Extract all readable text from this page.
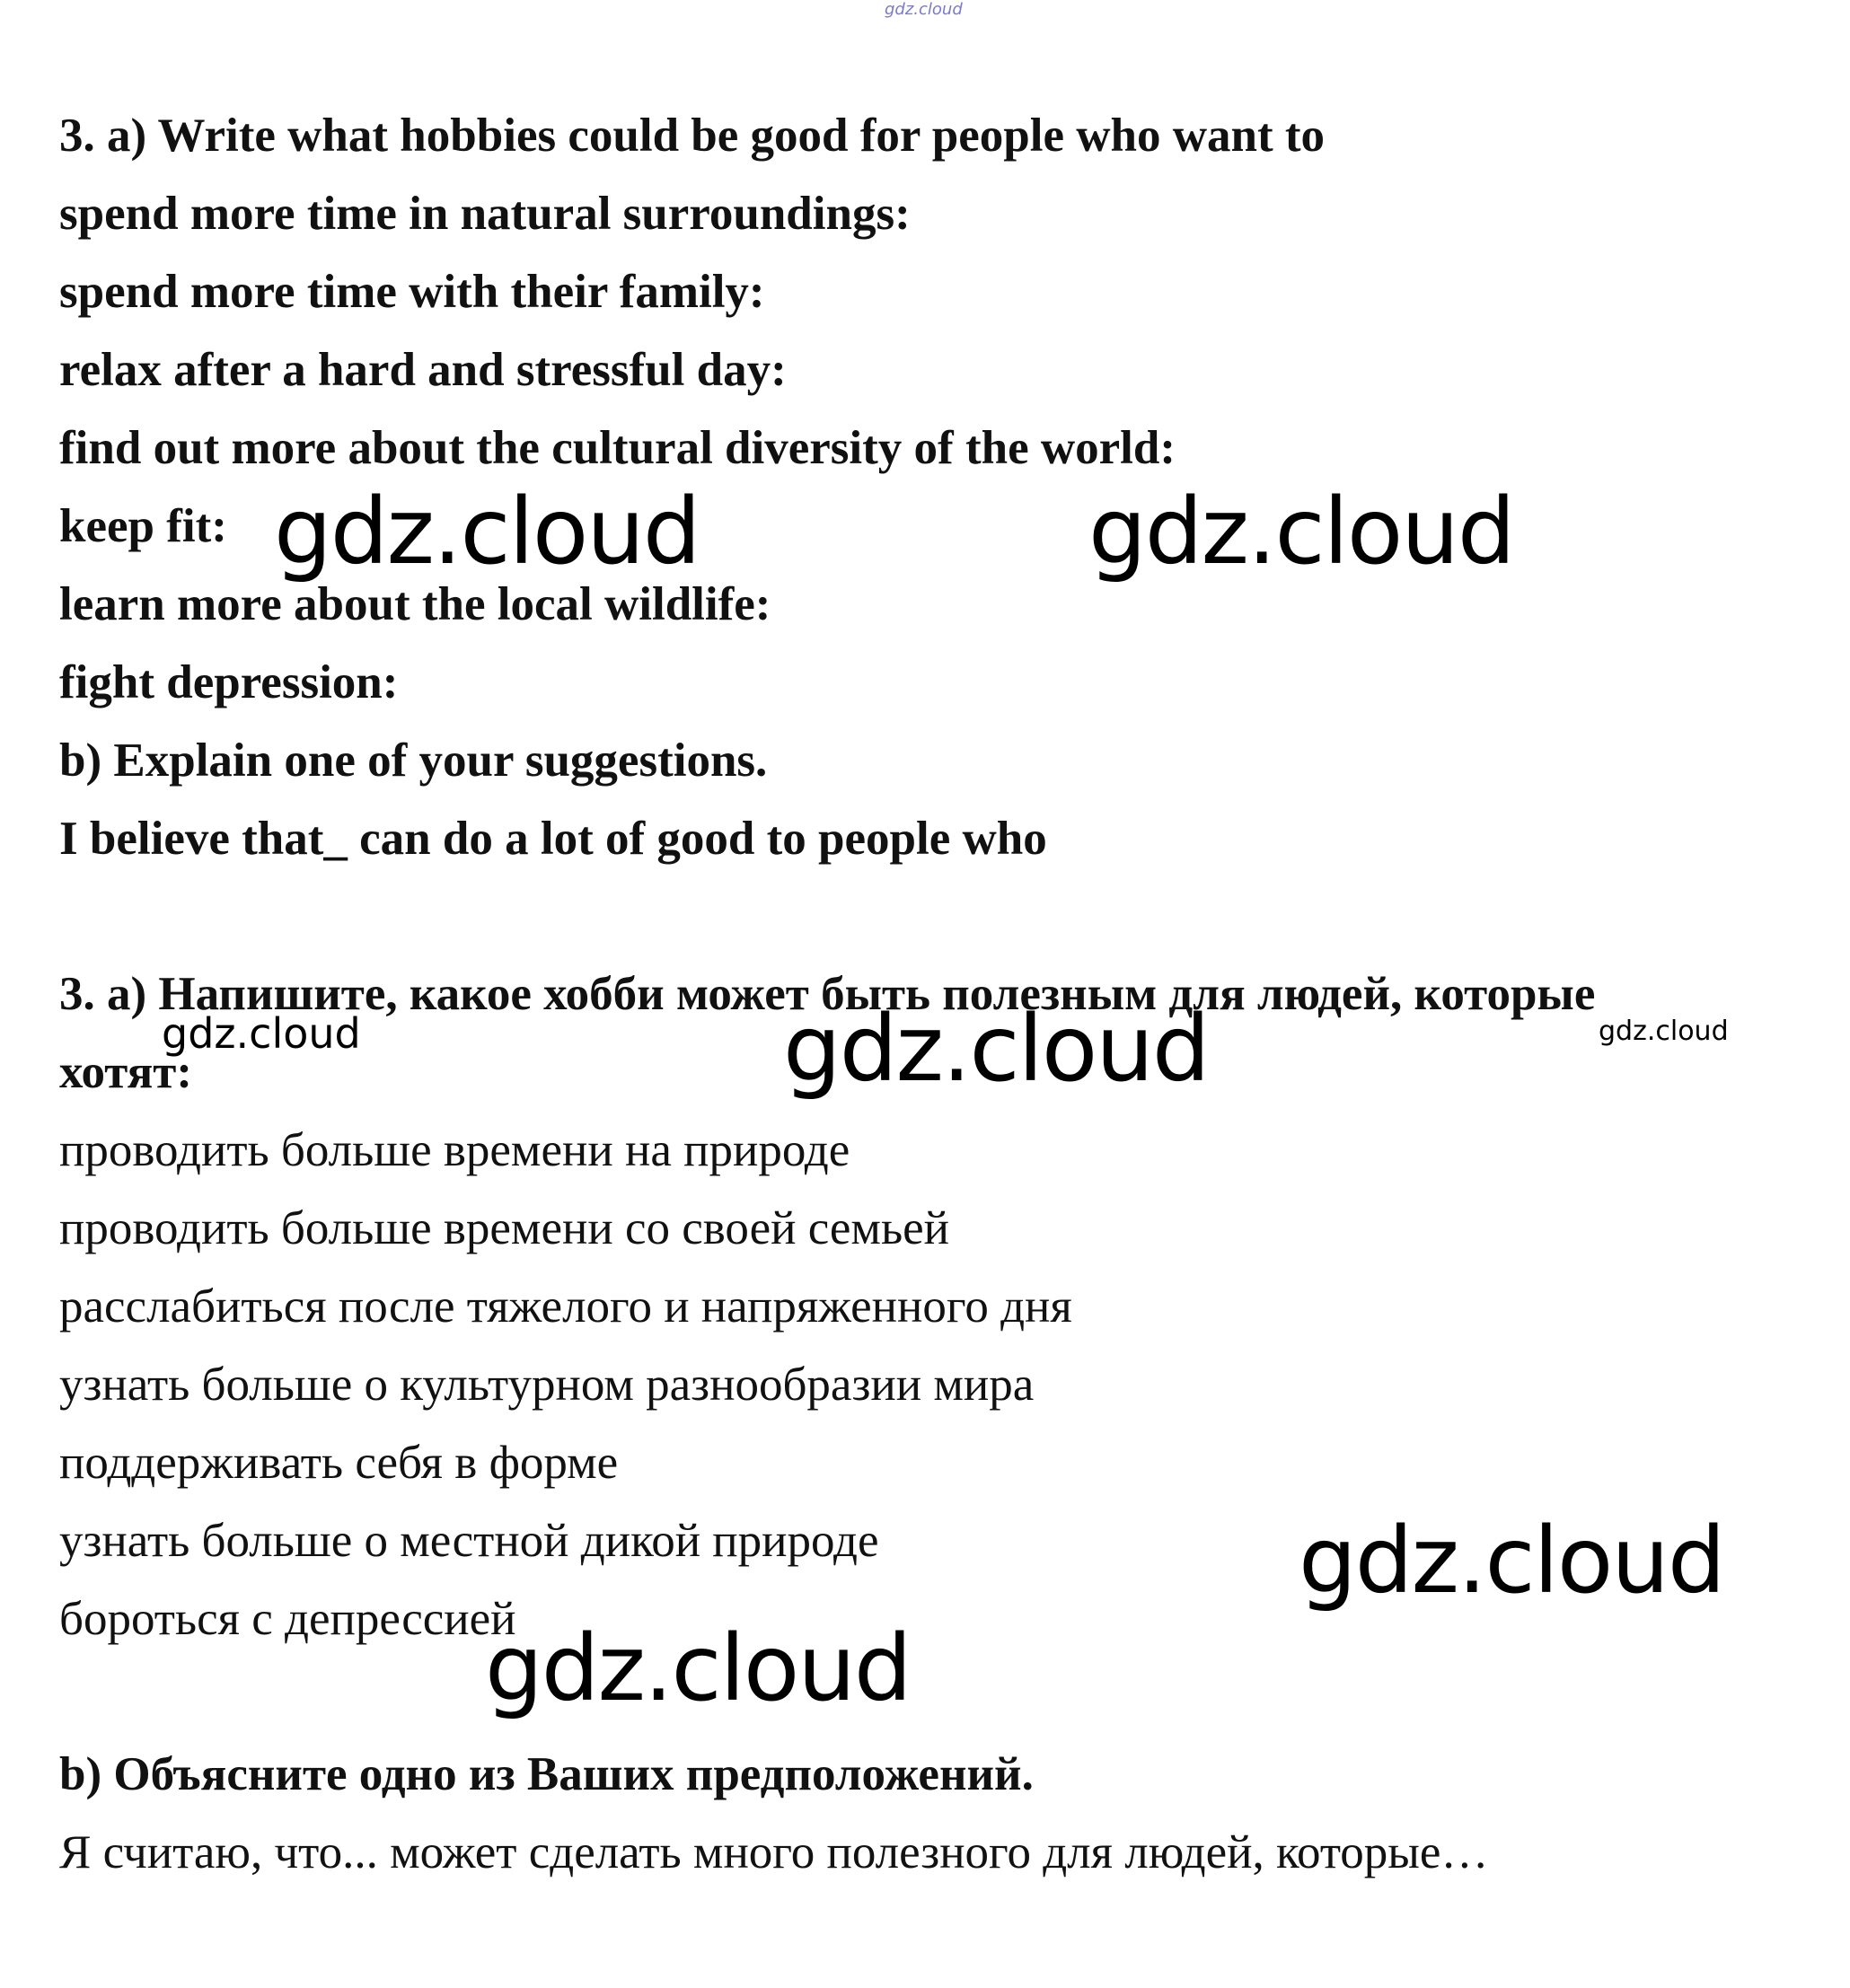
gdz.cloud
3. a) Write what hobbies could be good for people who want to
spend more time in natural surroundings:
spend more time with their family:
relax after a hard and stressful day:
find out more about the cultural diversity of the world:
keep fit:
learn more about the local wildlife:
fight depression:
b) Explain one of your suggestions.
I believe that_ can do a lot of good to people who
3. a) Напишите, какое хобби может быть полезным для людей, которые
хотят:
проводить больше времени на природе
проводить больше времени со своей семьей
расслабиться после тяжелого и напряженного дня
узнать больше о культурном разнообразии мира
поддерживать себя в форме
узнать больше о местной дикой природе
бороться с депрессией
b) Объясните одно из Ваших предположений.
Я считаю, что... может сделать много полезного для людей, которые…
gdz.cloud	gdz.cloud
gdz.cloud	gdz.cloud	gdz.cloud
gdz.cloud
gdz.cloud
